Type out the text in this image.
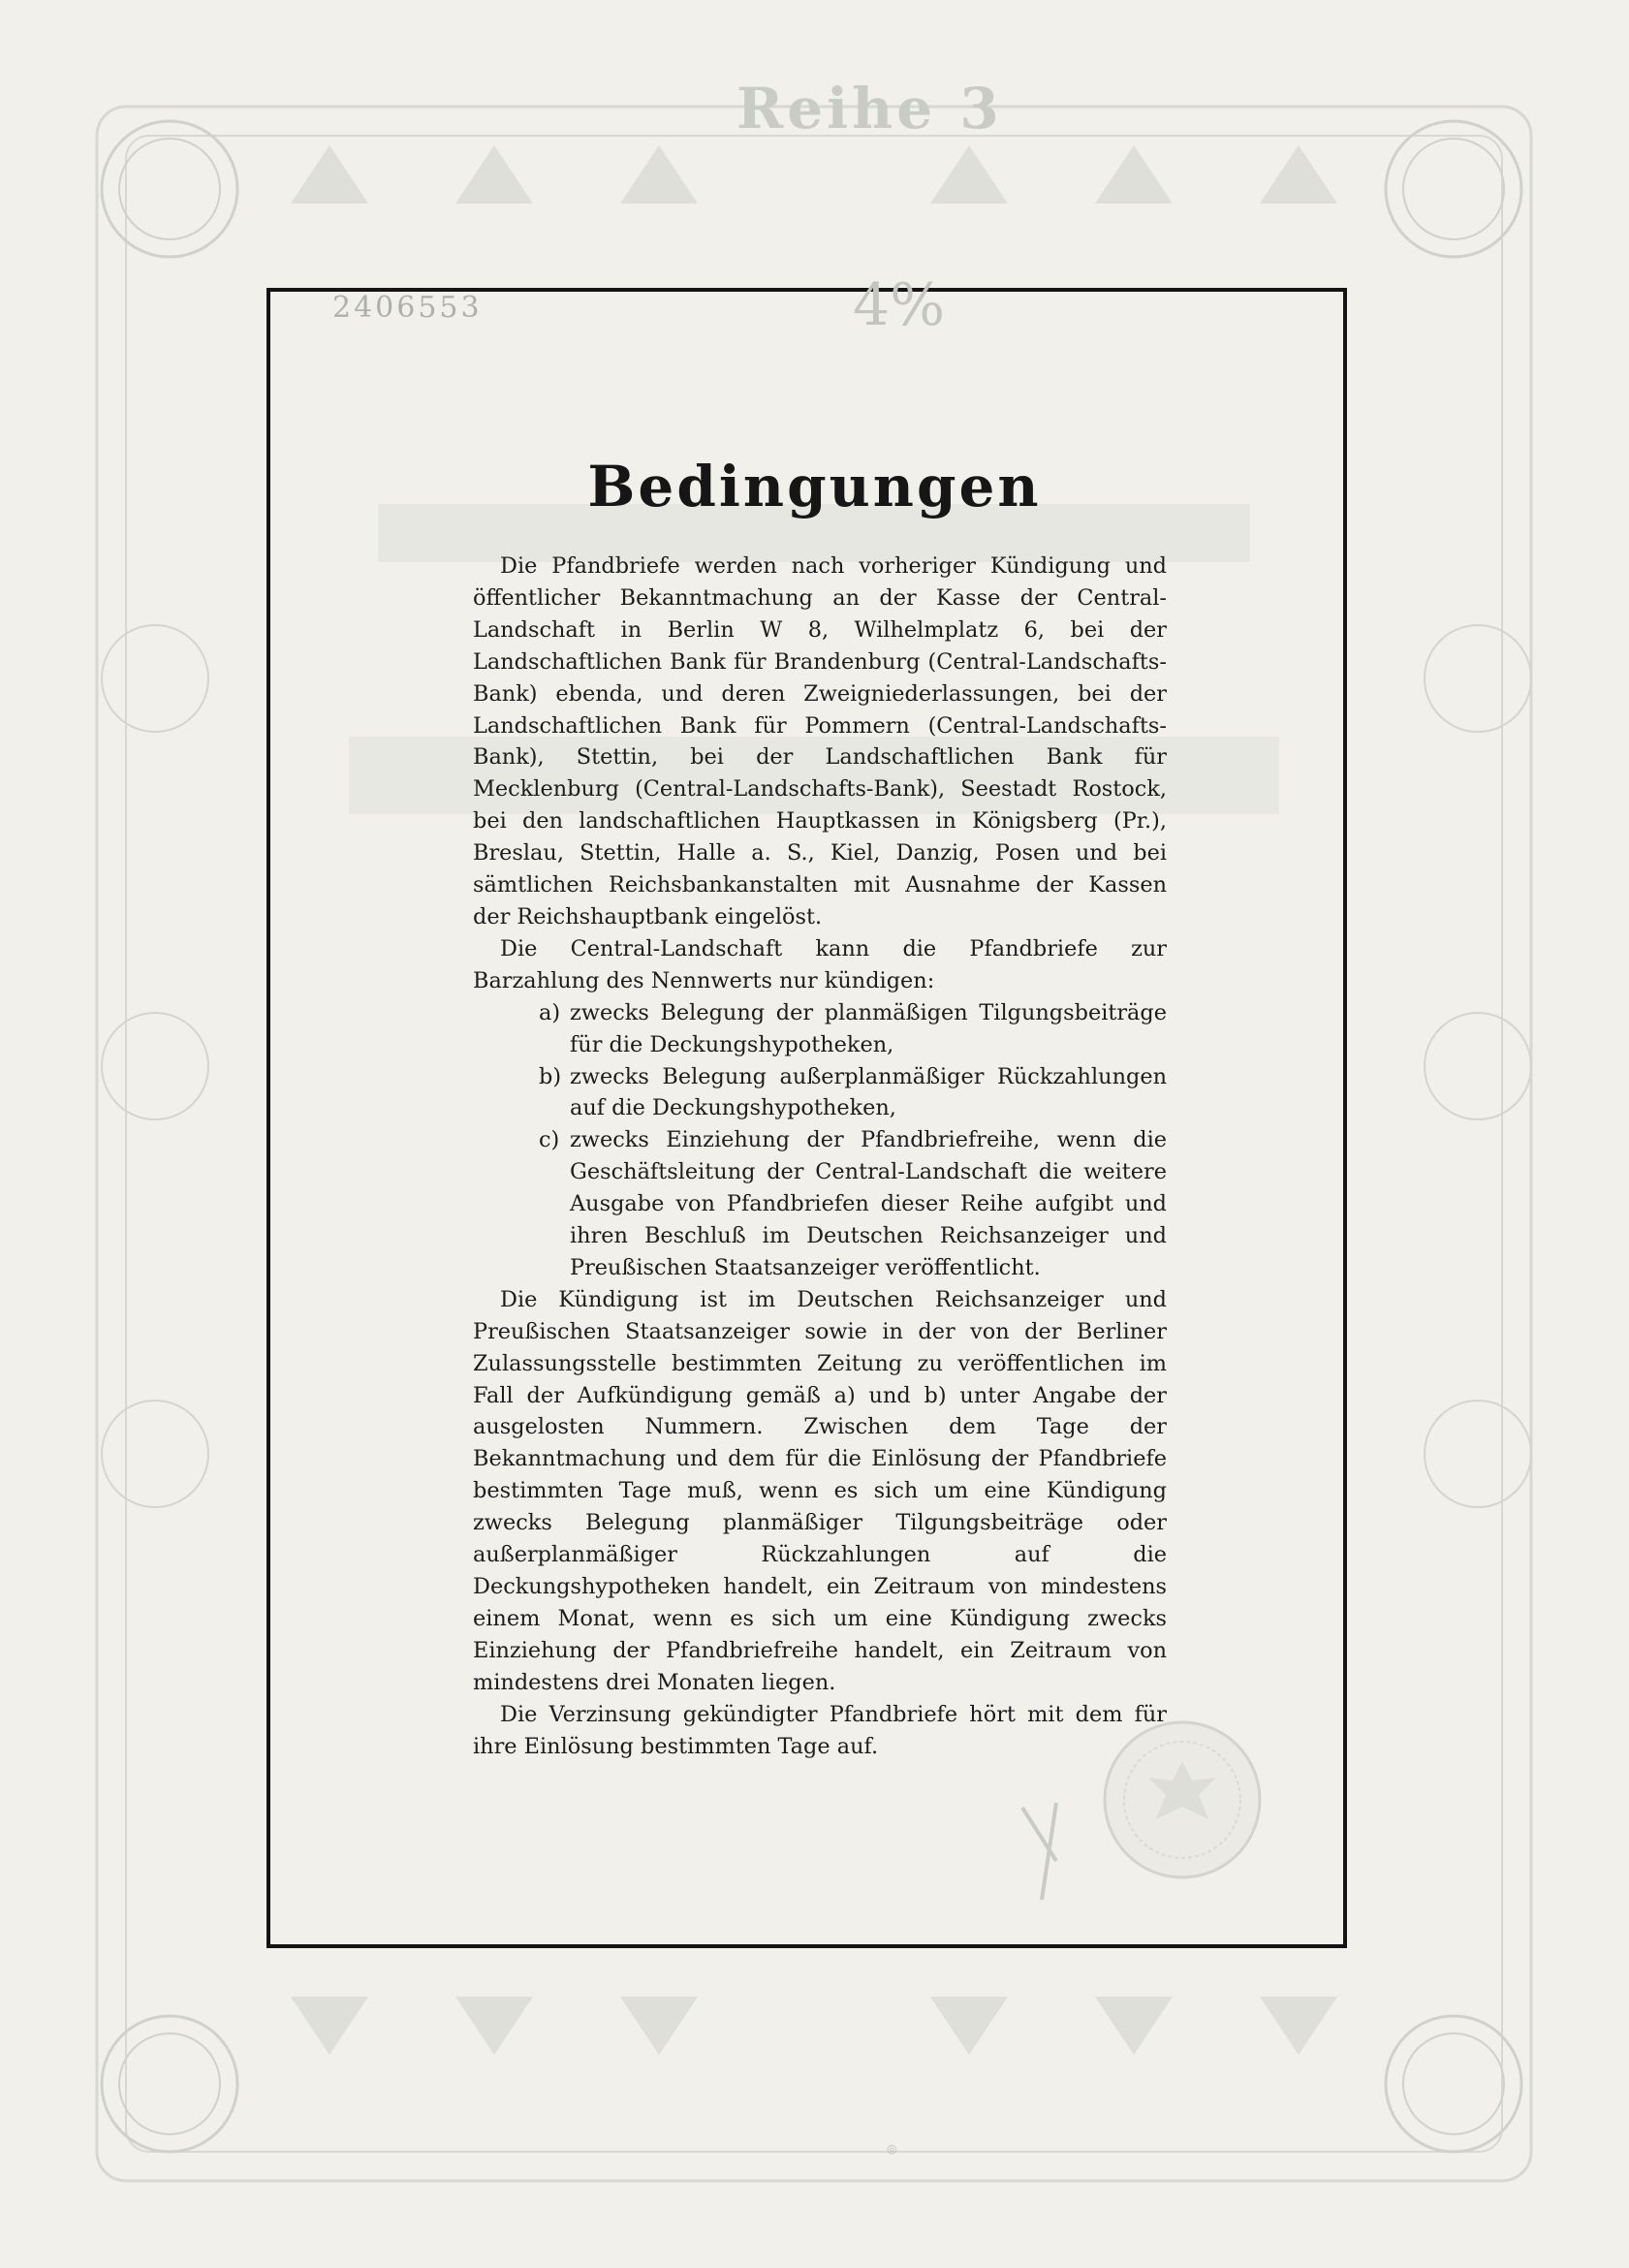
Reihe 3
2406553	4%
Bedingungen

Die Pfandbriefe werden nach vorheriger Kündigung und öffentlicher Bekanntmachung an der Kasse der Central-Landschaft in Berlin W 8, Wilhelmplatz 6, bei der Landschaftlichen Bank für Brandenburg (Central-Landschafts-Bank) ebenda, und deren Zweigniederlassungen, bei der Landschaftlichen Bank für Pommern (Central-Landschafts-Bank), Stettin, bei der Landschaftlichen Bank für Mecklenburg (Central-Landschafts-Bank), Seestadt Rostock, bei den landschaftlichen Hauptkassen in Königsberg (Pr.), Breslau, Stettin, Halle a. S., Kiel, Danzig, Posen und bei sämtlichen Reichsbankanstalten mit Ausnahme der Kassen der Reichshauptbank eingelöst.

Die Central-Landschaft kann die Pfandbriefe zur Barzahlung des Nennwerts nur kündigen:

a) zwecks Belegung der planmäßigen Tilgungsbeiträge für die Deckungshypotheken,
b) zwecks Belegung außerplanmäßiger Rückzahlungen auf die Deckungshypotheken,
c) zwecks Einziehung der Pfandbriefreihe, wenn die Geschäftsleitung der Central-Landschaft die weitere Ausgabe von Pfandbriefen dieser Reihe aufgibt und ihren Beschluß im Deutschen Reichsanzeiger und Preußischen Staatsanzeiger veröffentlicht.

Die Kündigung ist im Deutschen Reichsanzeiger und Preußischen Staatsanzeiger sowie in der von der Berliner Zulassungsstelle bestimmten Zeitung zu veröffentlichen im Fall der Aufkündigung gemäß a) und b) unter Angabe der ausgelosten Nummern. Zwischen dem Tage der Bekanntmachung und dem für die Einlösung der Pfandbriefe bestimmten Tage muß, wenn es sich um eine Kündigung zwecks Belegung planmäßiger Tilgungsbeiträge oder außerplanmäßiger Rückzahlungen auf die Deckungshypotheken handelt, ein Zeitraum von mindestens einem Monat, wenn es sich um eine Kündigung zwecks Einziehung der Pfandbriefreihe handelt, ein Zeitraum von mindestens drei Monaten liegen.

Die Verzinsung gekündigter Pfandbriefe hört mit dem für ihre Einlösung bestimmten Tage auf.

◎
